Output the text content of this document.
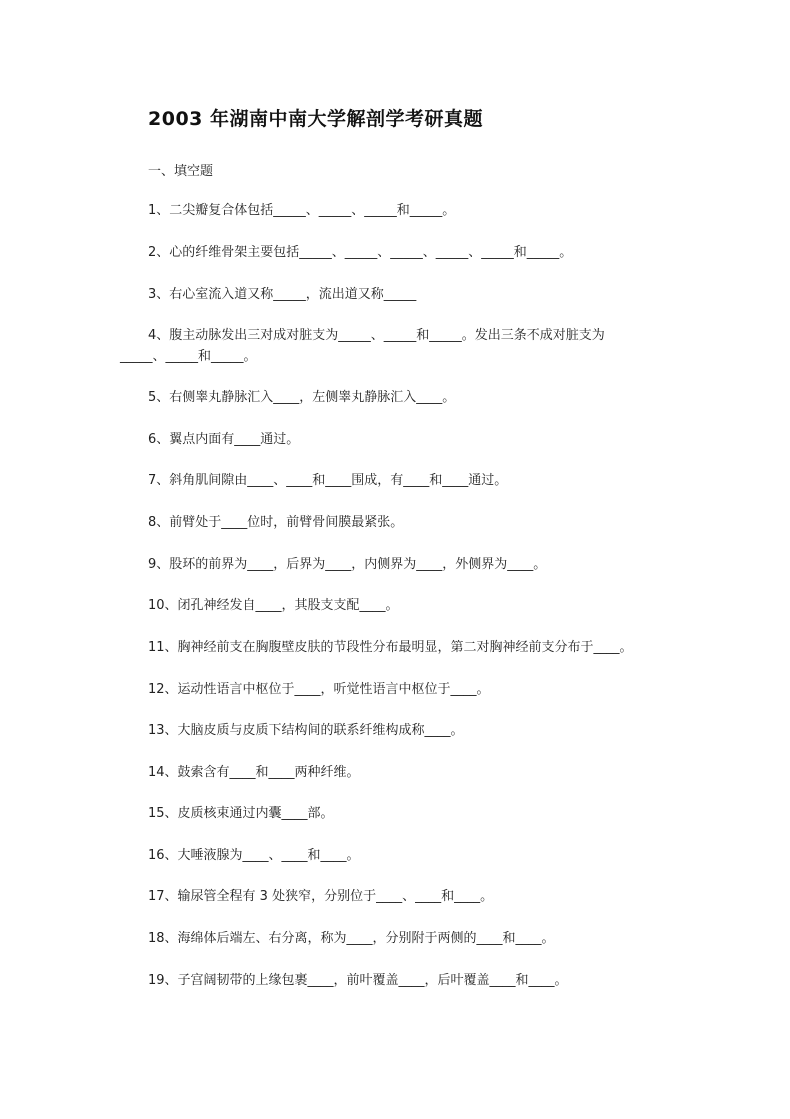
2003 年湖南中南大学解剖学考研真题
一、填空题
1、二尖瓣复合体包括_____、_____、_____和_____。
2、心的纤维骨架主要包括_____、_____、_____、_____、_____和_____。
3、右心室流入道又称_____，流出道又称_____
4、腹主动脉发出三对成对脏支为_____、_____和_____。发出三条不成对脏支为
_____、_____和_____。
5、右侧睾丸静脉汇入____，左侧睾丸静脉汇入____。
6、翼点内面有____通过。
7、斜角肌间隙由____、____和____围成，有____和____通过。
8、前臂处于____位时，前臂骨间膜最紧张。
9、股环的前界为____，后界为____，内侧界为____，外侧界为____。
10、闭孔神经发自____，其股支支配____。
11、胸神经前支在胸腹壁皮肤的节段性分布最明显，第二对胸神经前支分布于____。
12、运动性语言中枢位于____，听觉性语言中枢位于____。
13、大脑皮质与皮质下结构间的联系纤维构成称____。
14、鼓索含有____和____两种纤维。
15、皮质核束通过内囊____部。
16、大唾液腺为____、____和____。
17、输尿管全程有 3 处狭窄，分别位于____、____和____。
18、海绵体后端左、右分离，称为____，分别附于两侧的____和____。
19、子宫阔韧带的上缘包裹____，前叶覆盖____，后叶覆盖____和____。
